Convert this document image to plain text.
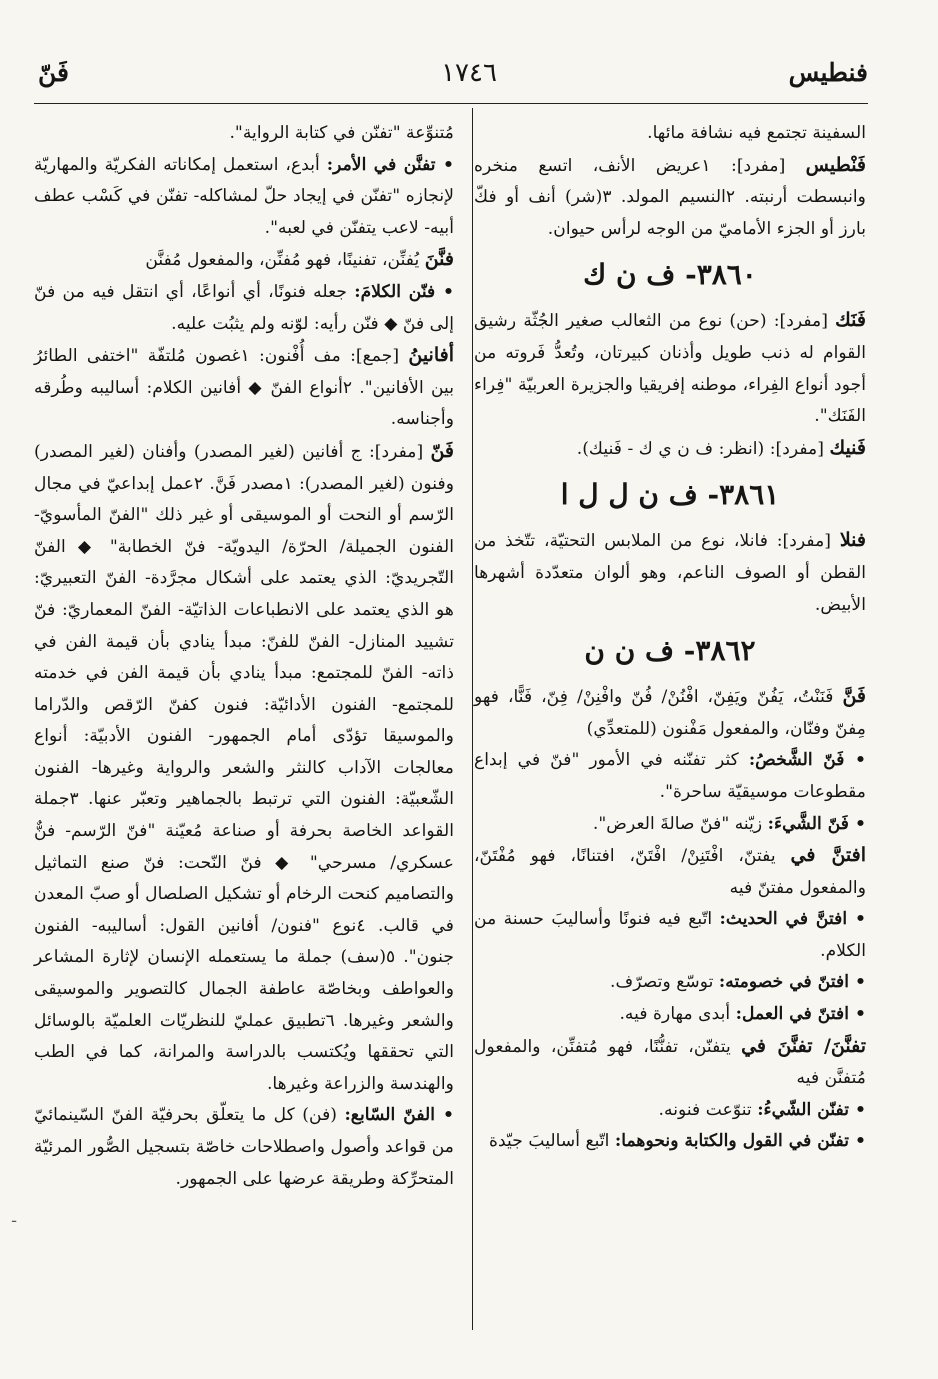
فنطيس
١٧٤٦
فَنّ

السفينة تجتمع فيه نشافة مائها.

فَنْطيس [مفرد]: ١عريض الأنف، اتسع منخره وانبسطت أرنبته. ٢النسيم المولد. ٣(شر) أنف أو فكّ بارز أو الجزء الأماميّ من الوجه لرأس حيوان.

٣٨٦٠- ف ن ك

فَنَك [مفرد]: (حن) نوع من الثعالب صغير الجُثّة رشيق القوام له ذنب طويل وأذنان كبيرتان، وتُعدُّ فَروته من أجود أنواع الفِراء، موطنه إفريقيا والجزيرة العربيّة "فِراء الفَنَك".

فَنيك [مفرد]: (انظر: ف ن ي ك - فَنيك).

٣٨٦١- ف ن ل ل ا

فنلا [مفرد]: فانلا، نوع من الملابس التحتيّة، تتّخذ من القطن أو الصوف الناعم، وهو ألوان متعدّدة أشهرها الأبيض.

٣٨٦٢- ف ن ن

فَنَّ فَنَنْتُ، يَفُنّ ويَفِنّ، افْنُنْ/ فُنّ وافْنِنْ/ فِنّ، فَنًّا، فهو مِفنّ وفنّان، والمفعول مَفْنون (للمتعدِّي)

• فَنّ الشَّخصُ: كثر تفنّنه في الأمور "فنّ في إبداع مقطوعات موسيقيّة ساحرة".

• فَنّ الشَّيءَ: زيّنه "فنّ صالةَ العرض".

افتنَّ في يفتنّ، افْتَنِنْ/ افْتَنّ، افتنانًا، فهو مُفْتَنّ، والمفعول مفتنّ فيه

• افتنَّ في الحديث: اتّبع فيه فنونًا وأساليبَ حسنة من الكلام.

• افتنّ في خصومته: توسّع وتصرّف.

• افتنّ في العمل: أبدى مهارة فيه.

تفنَّنَ/ تفنَّنَ في يتفنّن، تفنُّنًا، فهو مُتفنِّن، والمفعول مُتفنَّن فيه

• تفنّن الشّيءُ: تنوّعت فنونه.

• تفنّن في القول والكتابة ونحوهما: اتّبع أساليبَ جيّدة

مُتنوِّعة "تفنّن في كتابة الرواية".

• تفنَّن في الأمر: أبدع، استعمل إمكاناته الفكريّة والمهاريّة لإنجازه "تفنّن في إيجاد حلّ لمشاكله- تفنّن في كَسْب عطف أبيه- لاعب يتفنّن في لعبه".

فنَّنَ يُفنِّن، تفنينًا، فهو مُفنِّن، والمفعول مُفنَّن

• فنّن الكلامَ: جعله فنونًا، أي أنواعًا، أي انتقل فيه من فنّ إلى فنّ ◆ فنّن رأيه: لوّنه ولم يثبُت عليه.

أفانينُ [جمع]: مف أُفْنون: ١غصون مُلتفّة "اختفى الطائرُ بين الأفانين". ٢أنواع الفنّ ◆ أفانين الكلام: أساليبه وطُرقه وأجناسه.

فَنّ [مفرد]: ج أفانين (لغير المصدر) وأفنان (لغير المصدر) وفنون (لغير المصدر): ١مصدر فَنَّ. ٢عمل إبداعيّ في مجال الرّسم أو النحت أو الموسيقى أو غير ذلك "الفنّ المأسويّ- الفنون الجميلة/ الحرّة/ اليدويّة- فنّ الخطابة" ◆ الفنّ التّجريديّ: الذي يعتمد على أشكال مجرَّدة- الفنّ التعبيريّ: هو الذي يعتمد على الانطباعات الذاتيّة- الفنّ المعماريّ: فنّ تشييد المنازل- الفنّ للفنّ: مبدأ ينادي بأن قيمة الفن في ذاته- الفنّ للمجتمع: مبدأ ينادي بأن قيمة الفن في خدمته للمجتمع- الفنون الأدائيّة: فنون كفنّ الرّقص والدّراما والموسيقا تؤدّى أمام الجمهور- الفنون الأدبيّة: أنواع معالجات الآداب كالنثر والشعر والرواية وغيرها- الفنون الشّعبيّة: الفنون التي ترتبط بالجماهير وتعبّر عنها. ٣جملة القواعد الخاصة بحرفة أو صناعة مُعيّنة "فنّ الرّسم- فنٌّ عسكري/ مسرحي" ◆ فنّ النّحت: فنّ صنع التماثيل والتصاميم كنحت الرخام أو تشكيل الصلصال أو صبّ المعدن في قالب. ٤نوع "فنون/ أفانين القول: أساليبه- الفنون جنون". ٥(سف) جملة ما يستعمله الإنسان لإثارة المشاعر والعواطف وبخاصّة عاطفة الجمال كالتصوير والموسيقى والشعر وغيرها. ٦تطبيق عمليّ للنظريّات العلميّة بالوسائل التي تحققها ويُكتسب بالدراسة والمرانة، كما في الطب والهندسة والزراعة وغيرها.

• الفنّ السّابع: (فن) كل ما يتعلّق بحرفيّة الفنّ السّينمائيّ من قواعد وأصول واصطلاحات خاصّة بتسجيل الصُّور المرئيّة المتحرِّكة وطريقة عرضها على الجمهور.

ـ
